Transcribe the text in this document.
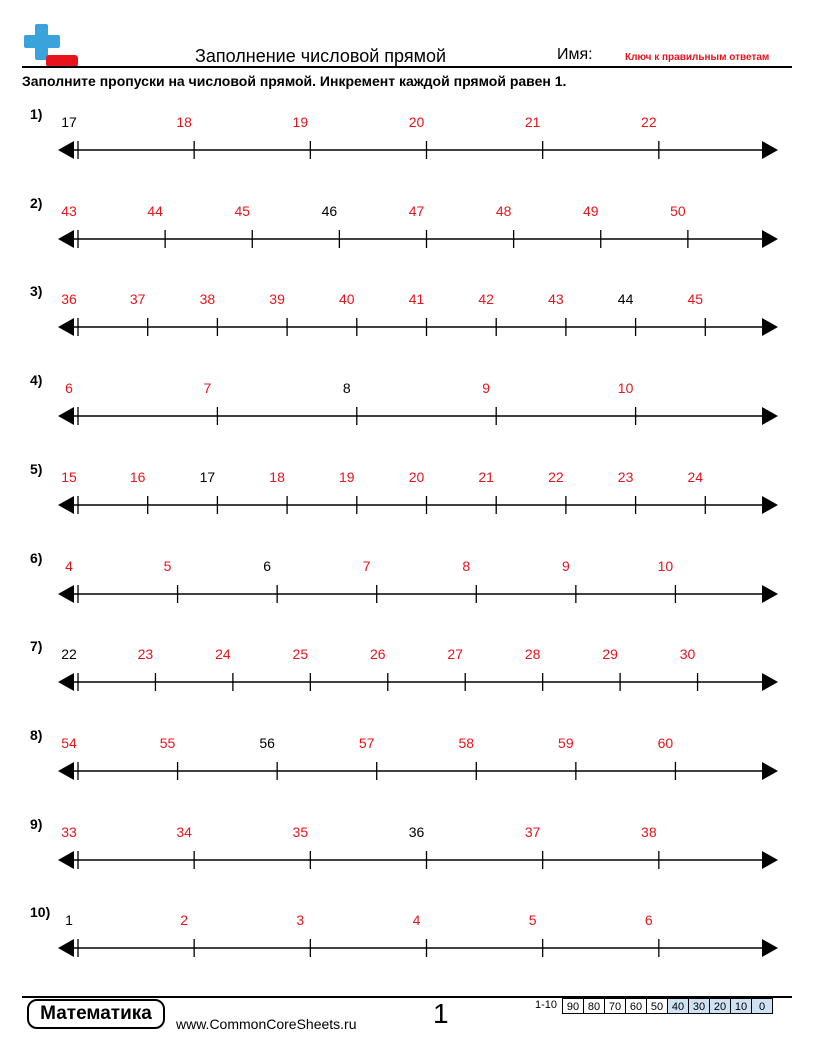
Заполнение числовой прямой	Имя:	Ключ к правильным ответам
Заполните пропуски на числовой прямой. Инкремент каждой прямой равен 1.
1) 17	18	19	20	21	22
2) 43	44	45	46	47	48	49	50
3) 36	37	38	39	40	41	42	43	44	45
4) 6	7	8	9	10
5) 15	16	17	18	19	20	21	22	23	24
6) 4	5	6	7	8	9	10
7) 22	23	24	25	26	27	28	29	30
8) 54	55	56	57	58	59	60
9) 33	34	35	36	37	38
10) 1	2	3	4	5	6
Математика	www.CommonCoreSheets.ru	1	1-10 90 80 70 60 50 40 30 20 10	0
